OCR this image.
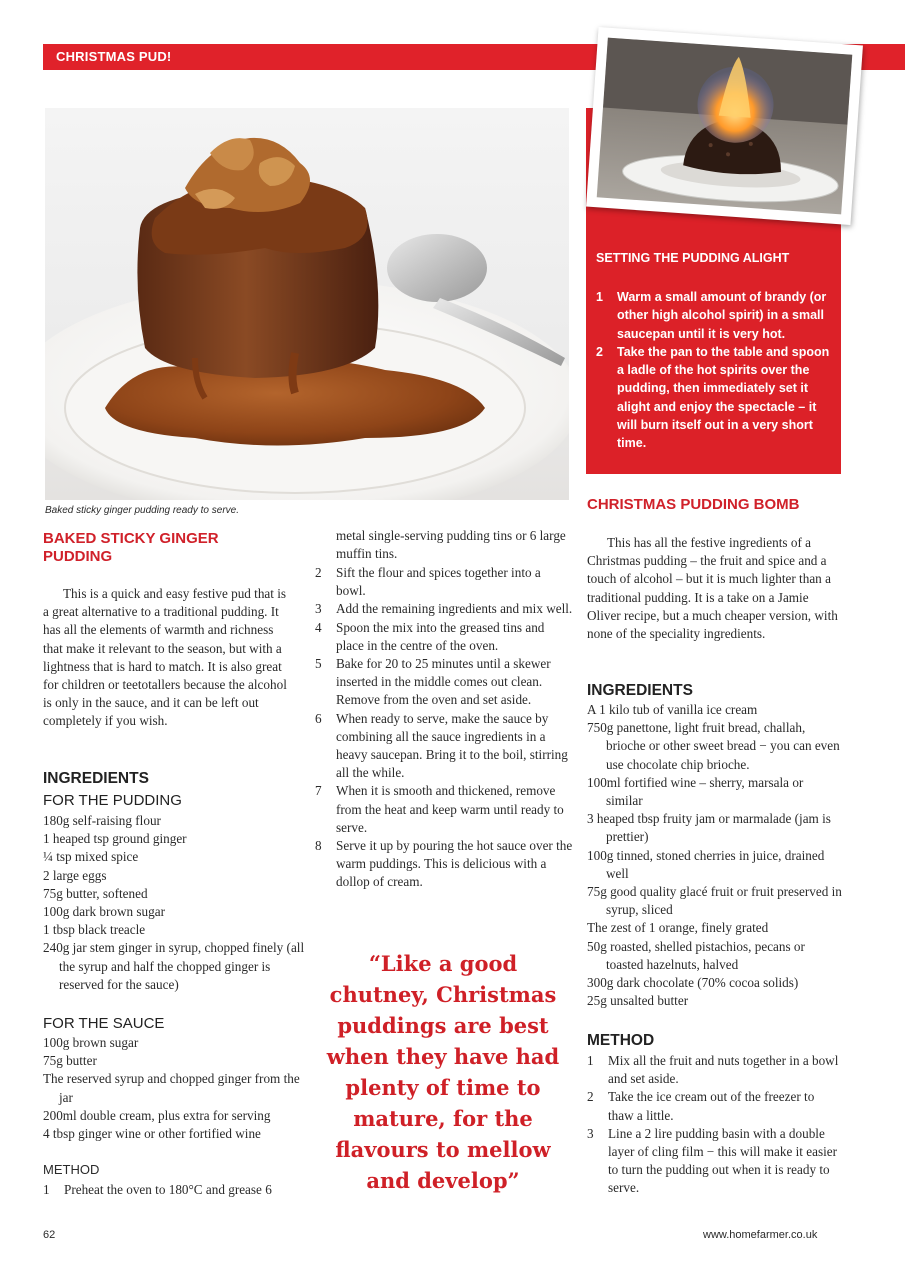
CHRISTMAS PUD!
Baked sticky ginger pudding ready to serve.
SETTING THE PUDDING ALIGHT
1 Warm a small amount of brandy (or other high alcohol spirit) in a small saucepan until it is very hot.
2 Take the pan to the table and spoon a ladle of the hot spirits over the pudding, then immediately set it alight and enjoy the spectacle – it will burn itself out in a very short time.
BAKED STICKY GINGER PUDDING
This is a quick and easy festive pud that is a great alternative to a traditional pudding. It has all the elements of warmth and richness that make it relevant to the season, but with a lightness that is hard to match. It is also great for children or teetotallers because the alcohol is only in the sauce, and it can be left out completely if you wish.
INGREDIENTS
FOR THE PUDDING
180g self-raising flour
1 heaped tsp ground ginger
¼ tsp mixed spice
2 large eggs
75g butter, softened
100g dark brown sugar
1 tbsp black treacle
240g jar stem ginger in syrup, chopped finely (all the syrup and half the chopped ginger is reserved for the sauce)
FOR THE SAUCE
100g brown sugar
75g butter
The reserved syrup and chopped ginger from the jar
200ml double cream, plus extra for serving
4 tbsp ginger wine or other fortified wine
METHOD
1 Preheat the oven to 180°C and grease 6
metal single-serving pudding tins or 6 large muffin tins.
2 Sift the flour and spices together into a bowl.
3 Add the remaining ingredients and mix well.
4 Spoon the mix into the greased tins and place in the centre of the oven.
5 Bake for 20 to 25 minutes until a skewer inserted in the middle comes out clean. Remove from the oven and set aside.
6 When ready to serve, make the sauce by combining all the sauce ingredients in a heavy saucepan. Bring it to the boil, stirring all the while.
7 When it is smooth and thickened, remove from the heat and keep warm until ready to serve.
8 Serve it up by pouring the hot sauce over the warm puddings. This is delicious with a dollop of cream.
“Like a good chutney, Christmas puddings are best when they have had plenty of time to mature, for the flavours to mellow and develop”
CHRISTMAS PUDDING BOMB
This has all the festive ingredients of a Christmas pudding – the fruit and spice and a touch of alcohol – but it is much lighter than a traditional pudding. It is a take on a Jamie Oliver recipe, but a much cheaper version, with none of the speciality ingredients.
INGREDIENTS
A 1 kilo tub of vanilla ice cream
750g panettone, light fruit bread, challah, brioche or other sweet bread − you can even use chocolate chip brioche.
100ml fortified wine – sherry, marsala or similar
3 heaped tbsp fruity jam or marmalade (jam is prettier)
100g tinned, stoned cherries in juice, drained well
75g good quality glacé fruit or fruit preserved in syrup, sliced
The zest of 1 orange, finely grated
50g roasted, shelled pistachios, pecans or toasted hazelnuts, halved
300g dark chocolate (70% cocoa solids)
25g unsalted butter
METHOD
1 Mix all the fruit and nuts together in a bowl and set aside.
2 Take the ice cream out of the freezer to thaw a little.
3 Line a 2 lire pudding basin with a double layer of cling film − this will make it easier to turn the pudding out when it is ready to serve.
62	www.homefarmer.co.uk
